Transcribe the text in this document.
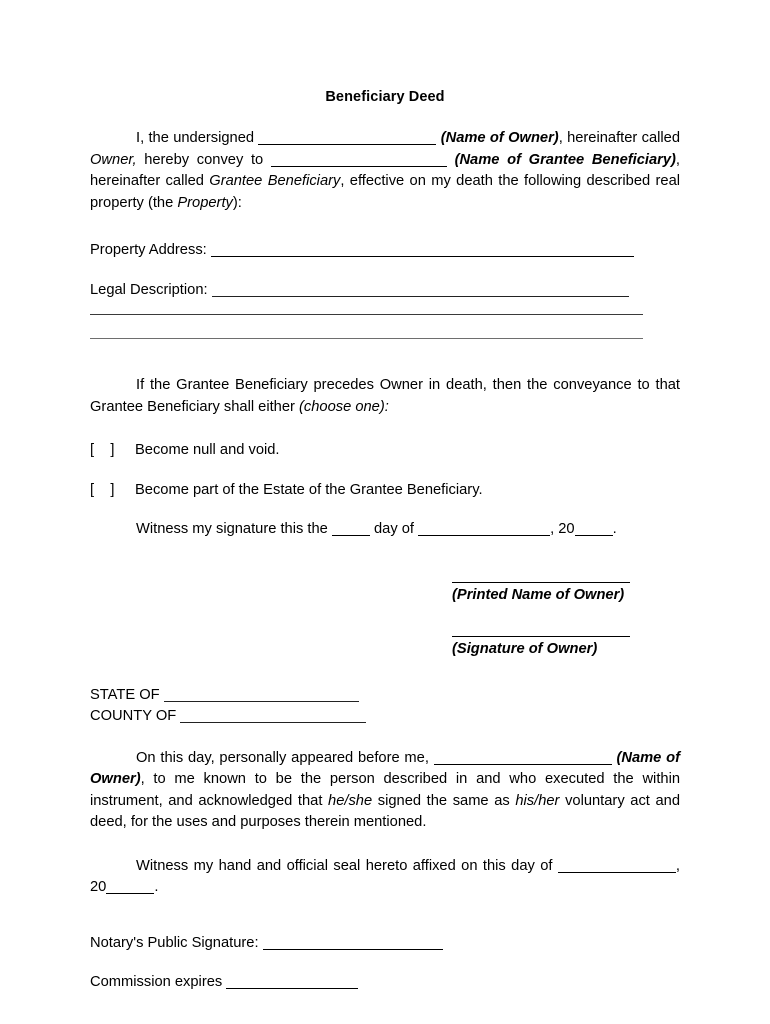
Beneficiary Deed

I, the undersigned	(Name of Owner), hereinafter called Owner, hereby convey to	(Name of Grantee Beneficiary), hereinafter called Grantee Beneficiary, effective on my death the following described real property (the Property):

Property Address:
Legal Description:

If the Grantee Beneficiary precedes Owner in death, then the conveyance to that Grantee Beneficiary shall either (choose one):

[    ] Become null and void.
[    ] Become part of the Estate of the Grantee Beneficiary.

Witness my signature this the	day of	, 20	.

(Printed Name of Owner)
(Signature of Owner)
STATE OF
COUNTY OF

On this day, personally appeared before me,	(Name of Owner), to me known to be the person described in and who executed the within instrument, and acknowledged that he/she signed the same as his/her voluntary act and deed, for the uses and purposes therein mentioned.

Witness my hand and official seal hereto affixed on this day of	, 20	.

Notary's Public Signature:
Commission expires
